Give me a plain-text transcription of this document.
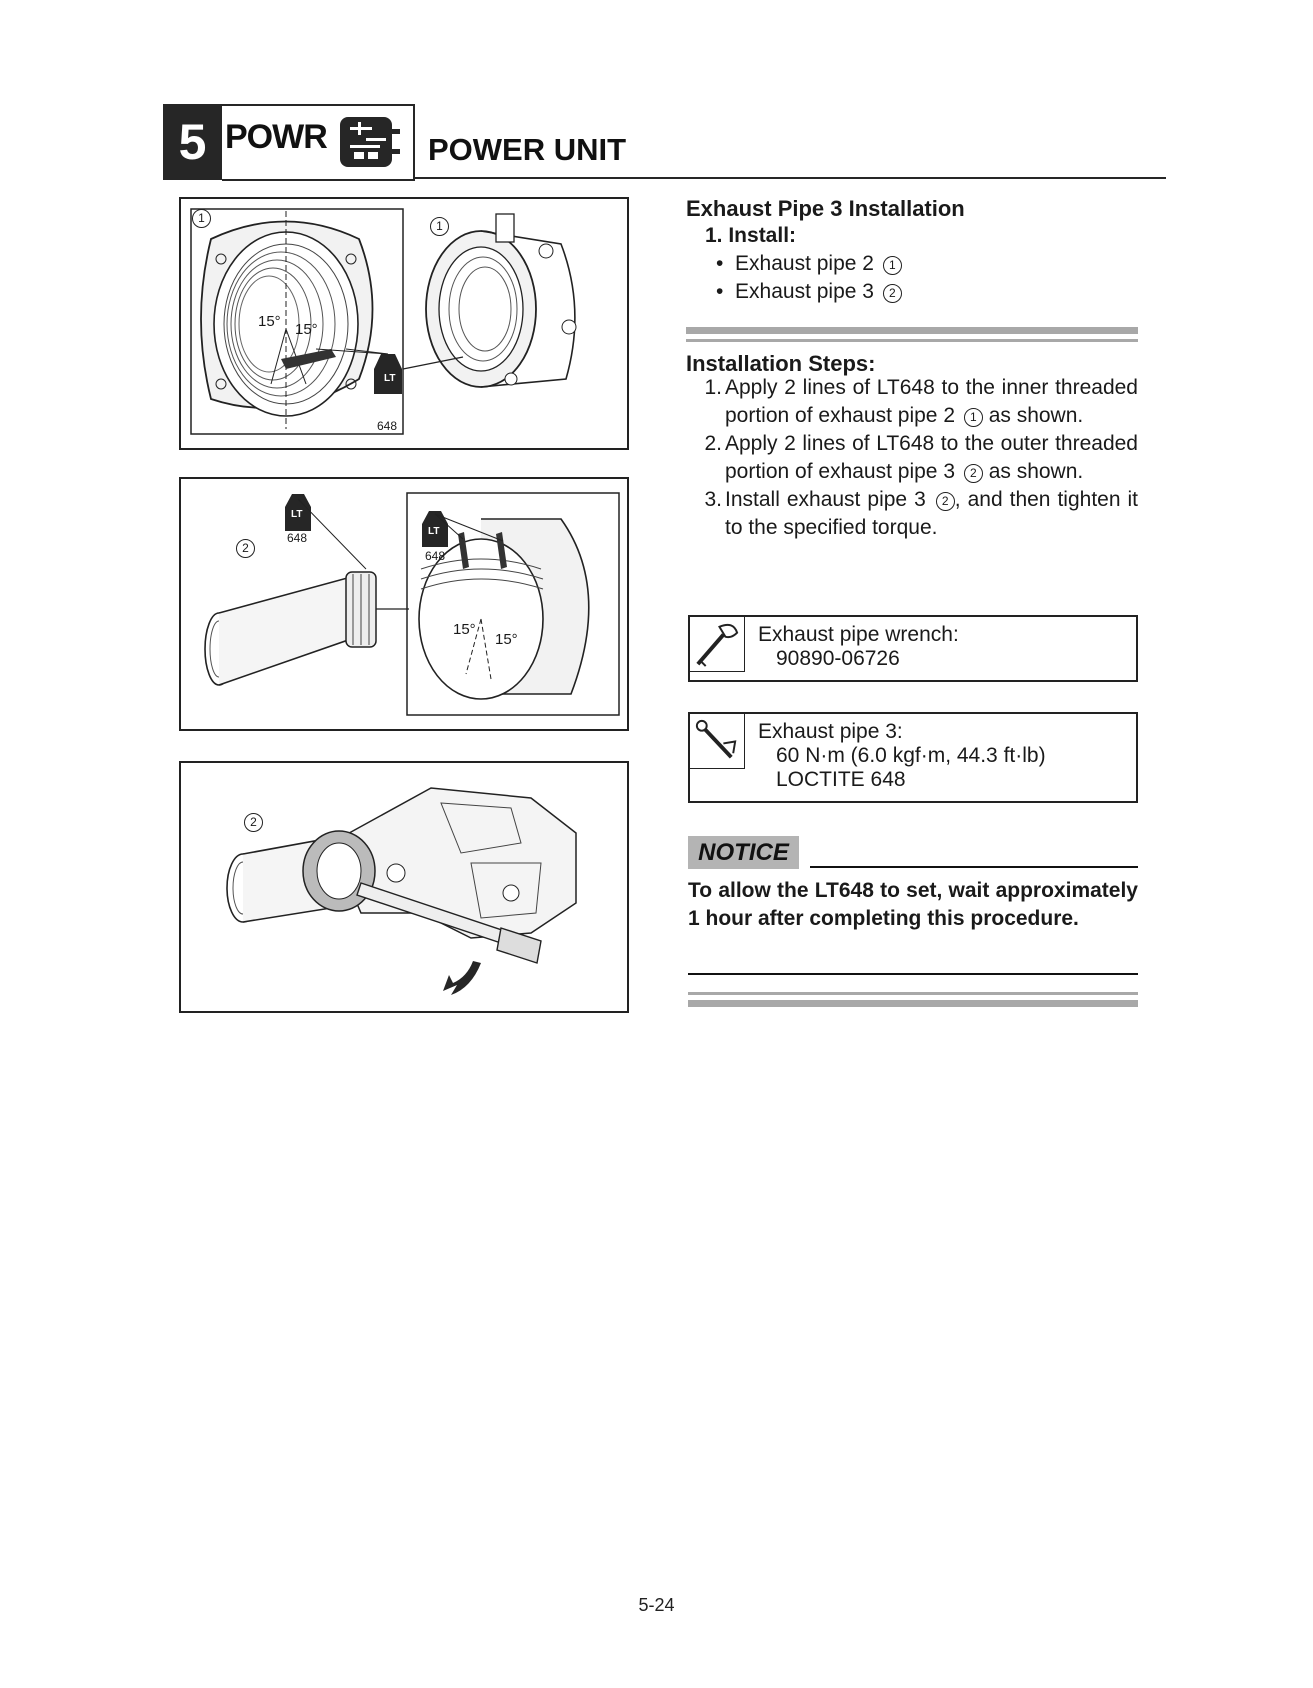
5 POWR	POWER UNIT
1
1
15° 15°
LT
648
2
LT
648	LT
648
15°
15°
2
Exhaust Pipe 3 Installation
1. Install:
•  Exhaust pipe 2 1
•  Exhaust pipe 3 2
Installation Steps:
1. Apply 2 lines of LT648 to the inner threaded portion of exhaust pipe 2 1 as shown.
2. Apply 2 lines of LT648 to the outer threaded portion of exhaust pipe 3 2 as shown.
3. Install exhaust pipe 3 2 , and then tighten it to the specified torque.
Exhaust pipe wrench:
90890-06726
Exhaust pipe 3:
60 N·m (6.0 kgf·m, 44.3 ft·lb)
LOCTITE 648
NOTICE
To allow the LT648 to set, wait approximately 1 hour after completing this procedure.
5-24
